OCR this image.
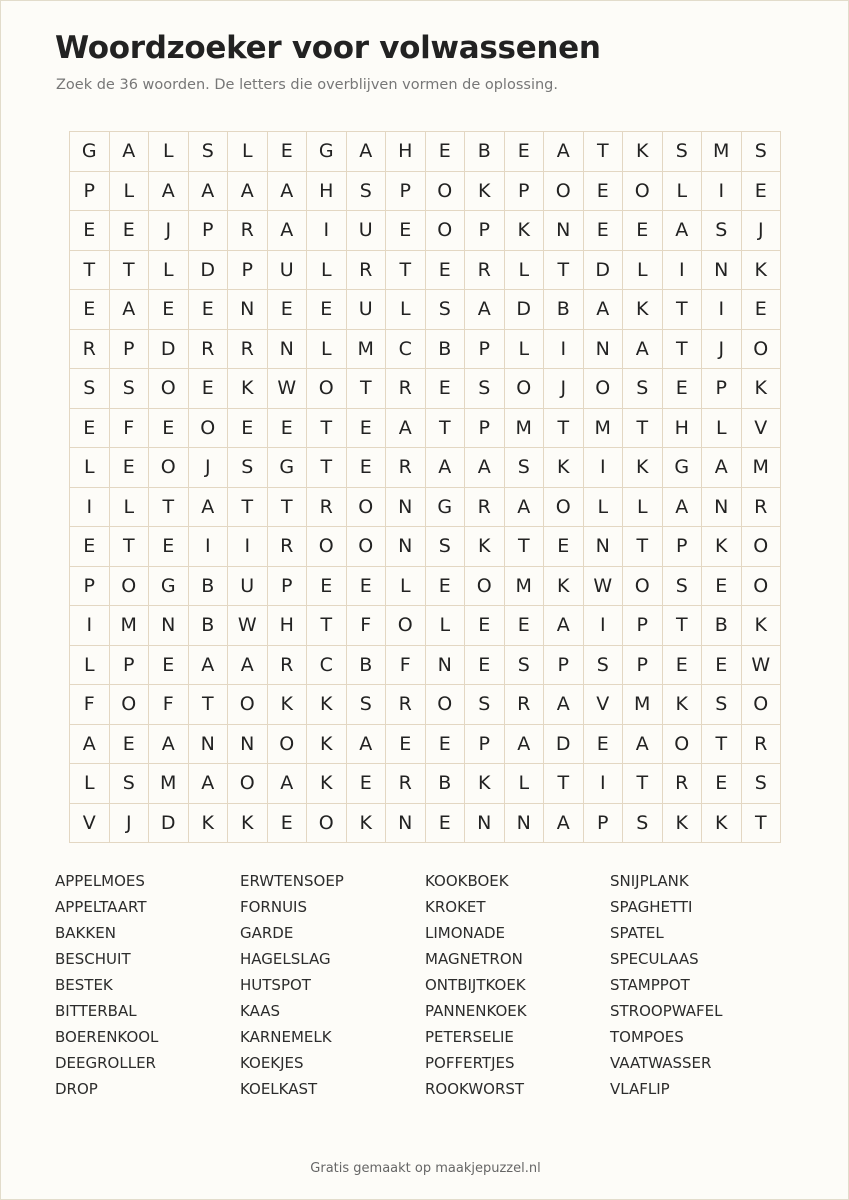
Woordzoeker voor volwassenen
Zoek de 36 woorden. De letters die overblijven vormen de oplossing.
G	A	L	S	L	E	G	A	H	E	B	E	A	T	K	S	M	S
P	L	A	A	A	A	H	S	P	O	K	P	O	E	O	L	I	E
E	E	J	P	R	A	I	U	E	O	P	K	N	E	E	A	S	J
T	T	L	D	P	U	L	R	T	E	R	L	T	D	L	I	N	K
E	A	E	E	N	E	E	U	L	S	A	D	B	A	K	T	I	E
R	P	D	R	R	N	L	M	C	B	P	L	I	N	A	T	J	O
S	S	O	E	K	W	O	T	R	E	S	O	J	O	S	E	P	K
E	F	E	O	E	E	T	E	A	T	P	M	T	M	T	H	L	V
L	E	O	J	S	G	T	E	R	A	A	S	K	I	K	G	A	M
I	L	T	A	T	T	R	O	N	G	R	A	O	L	L	A	N	R
E	T	E	I	I	R	O	O	N	S	K	T	E	N	T	P	K	O
P	O	G	B	U	P	E	E	L	E	O	M	K	W	O	S	E	O
I	M	N	B	W	H	T	F	O	L	E	E	A	I	P	T	B	K
L	P	E	A	A	R	C	B	F	N	E	S	P	S	P	E	E	W
F	O	F	T	O	K	K	S	R	O	S	R	A	V	M	K	S	O
A	E	A	N	N	O	K	A	E	E	P	A	D	E	A	O	T	R
L	S	M	A	O	A	K	E	R	B	K	L	T	I	T	R	E	S
V	J	D	K	K	E	O	K	N	E	N	N	A	P	S	K	K	T
APPELMOES
APPELTAART
BAKKEN
BESCHUIT
BESTEK
BITTERBAL
BOERENKOOL
DEEGROLLER
DROP
ERWTENSOEP
FORNUIS
GARDE
HAGELSLAG
HUTSPOT
KAAS
KARNEMELK
KOEKJES
KOELKAST
KOOKBOEK
KROKET
LIMONADE
MAGNETRON
ONTBIJTKOEK
PANNENKOEK
PETERSELIE
POFFERTJES
ROOKWORST
SNIJPLANK
SPAGHETTI
SPATEL
SPECULAAS
STAMPPOT
STROOPWAFEL
TOMPOES
VAATWASSER
VLAFLIP
Gratis gemaakt op maakjepuzzel.nl
